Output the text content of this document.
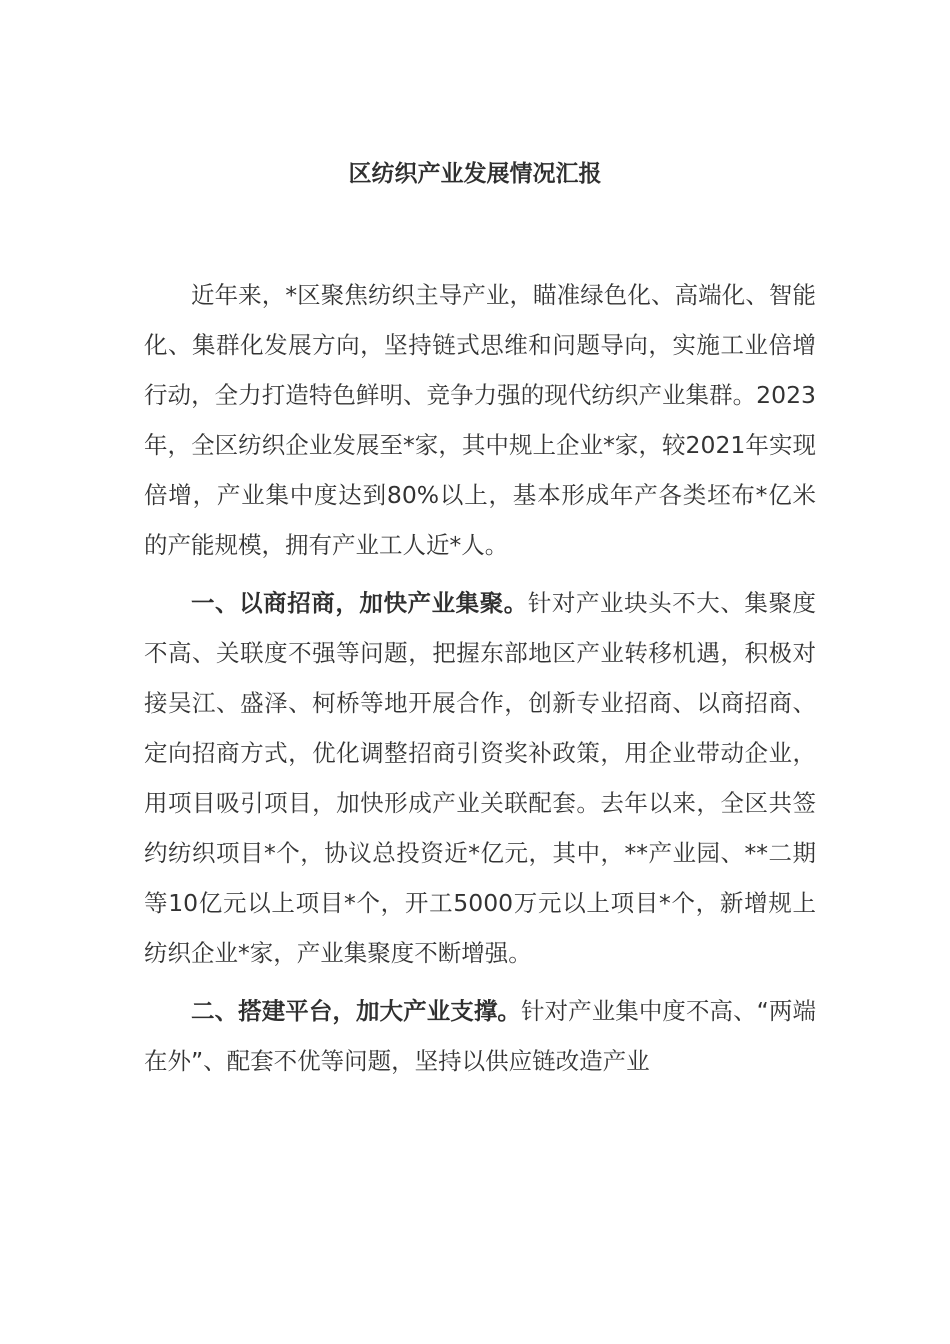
区纺织产业发展情况汇报

近年来，*区聚焦纺织主导产业，瞄准绿色化、高端化、智能化、集群化发展方向，坚持链式思维和问题导向，实施工业倍增行动，全力打造特色鲜明、竞争力强的现代纺织产业集群。2023年，全区纺织企业发展至*家，其中规上企业*家，较2021年实现倍增，产业集中度达到80%以上，基本形成年产各类坯布*亿米的产能规模，拥有产业工人近*人。

一、以商招商，加快产业集聚。针对产业块头不大、集聚度不高、关联度不强等问题，把握东部地区产业转移机遇，积极对接吴江、盛泽、柯桥等地开展合作，创新专业招商、以商招商、定向招商方式，优化调整招商引资奖补政策，用企业带动企业，用项目吸引项目，加快形成产业关联配套。去年以来，全区共签约纺织项目*个，协议总投资近*亿元，其中，**产业园、**二期等10亿元以上项目*个，开工5000万元以上项目*个，新增规上纺织企业*家，产业集聚度不断增强。

二、搭建平台，加大产业支撑。针对产业集中度不高、“两端在外”、配套不优等问题，坚持以供应链改造产业
